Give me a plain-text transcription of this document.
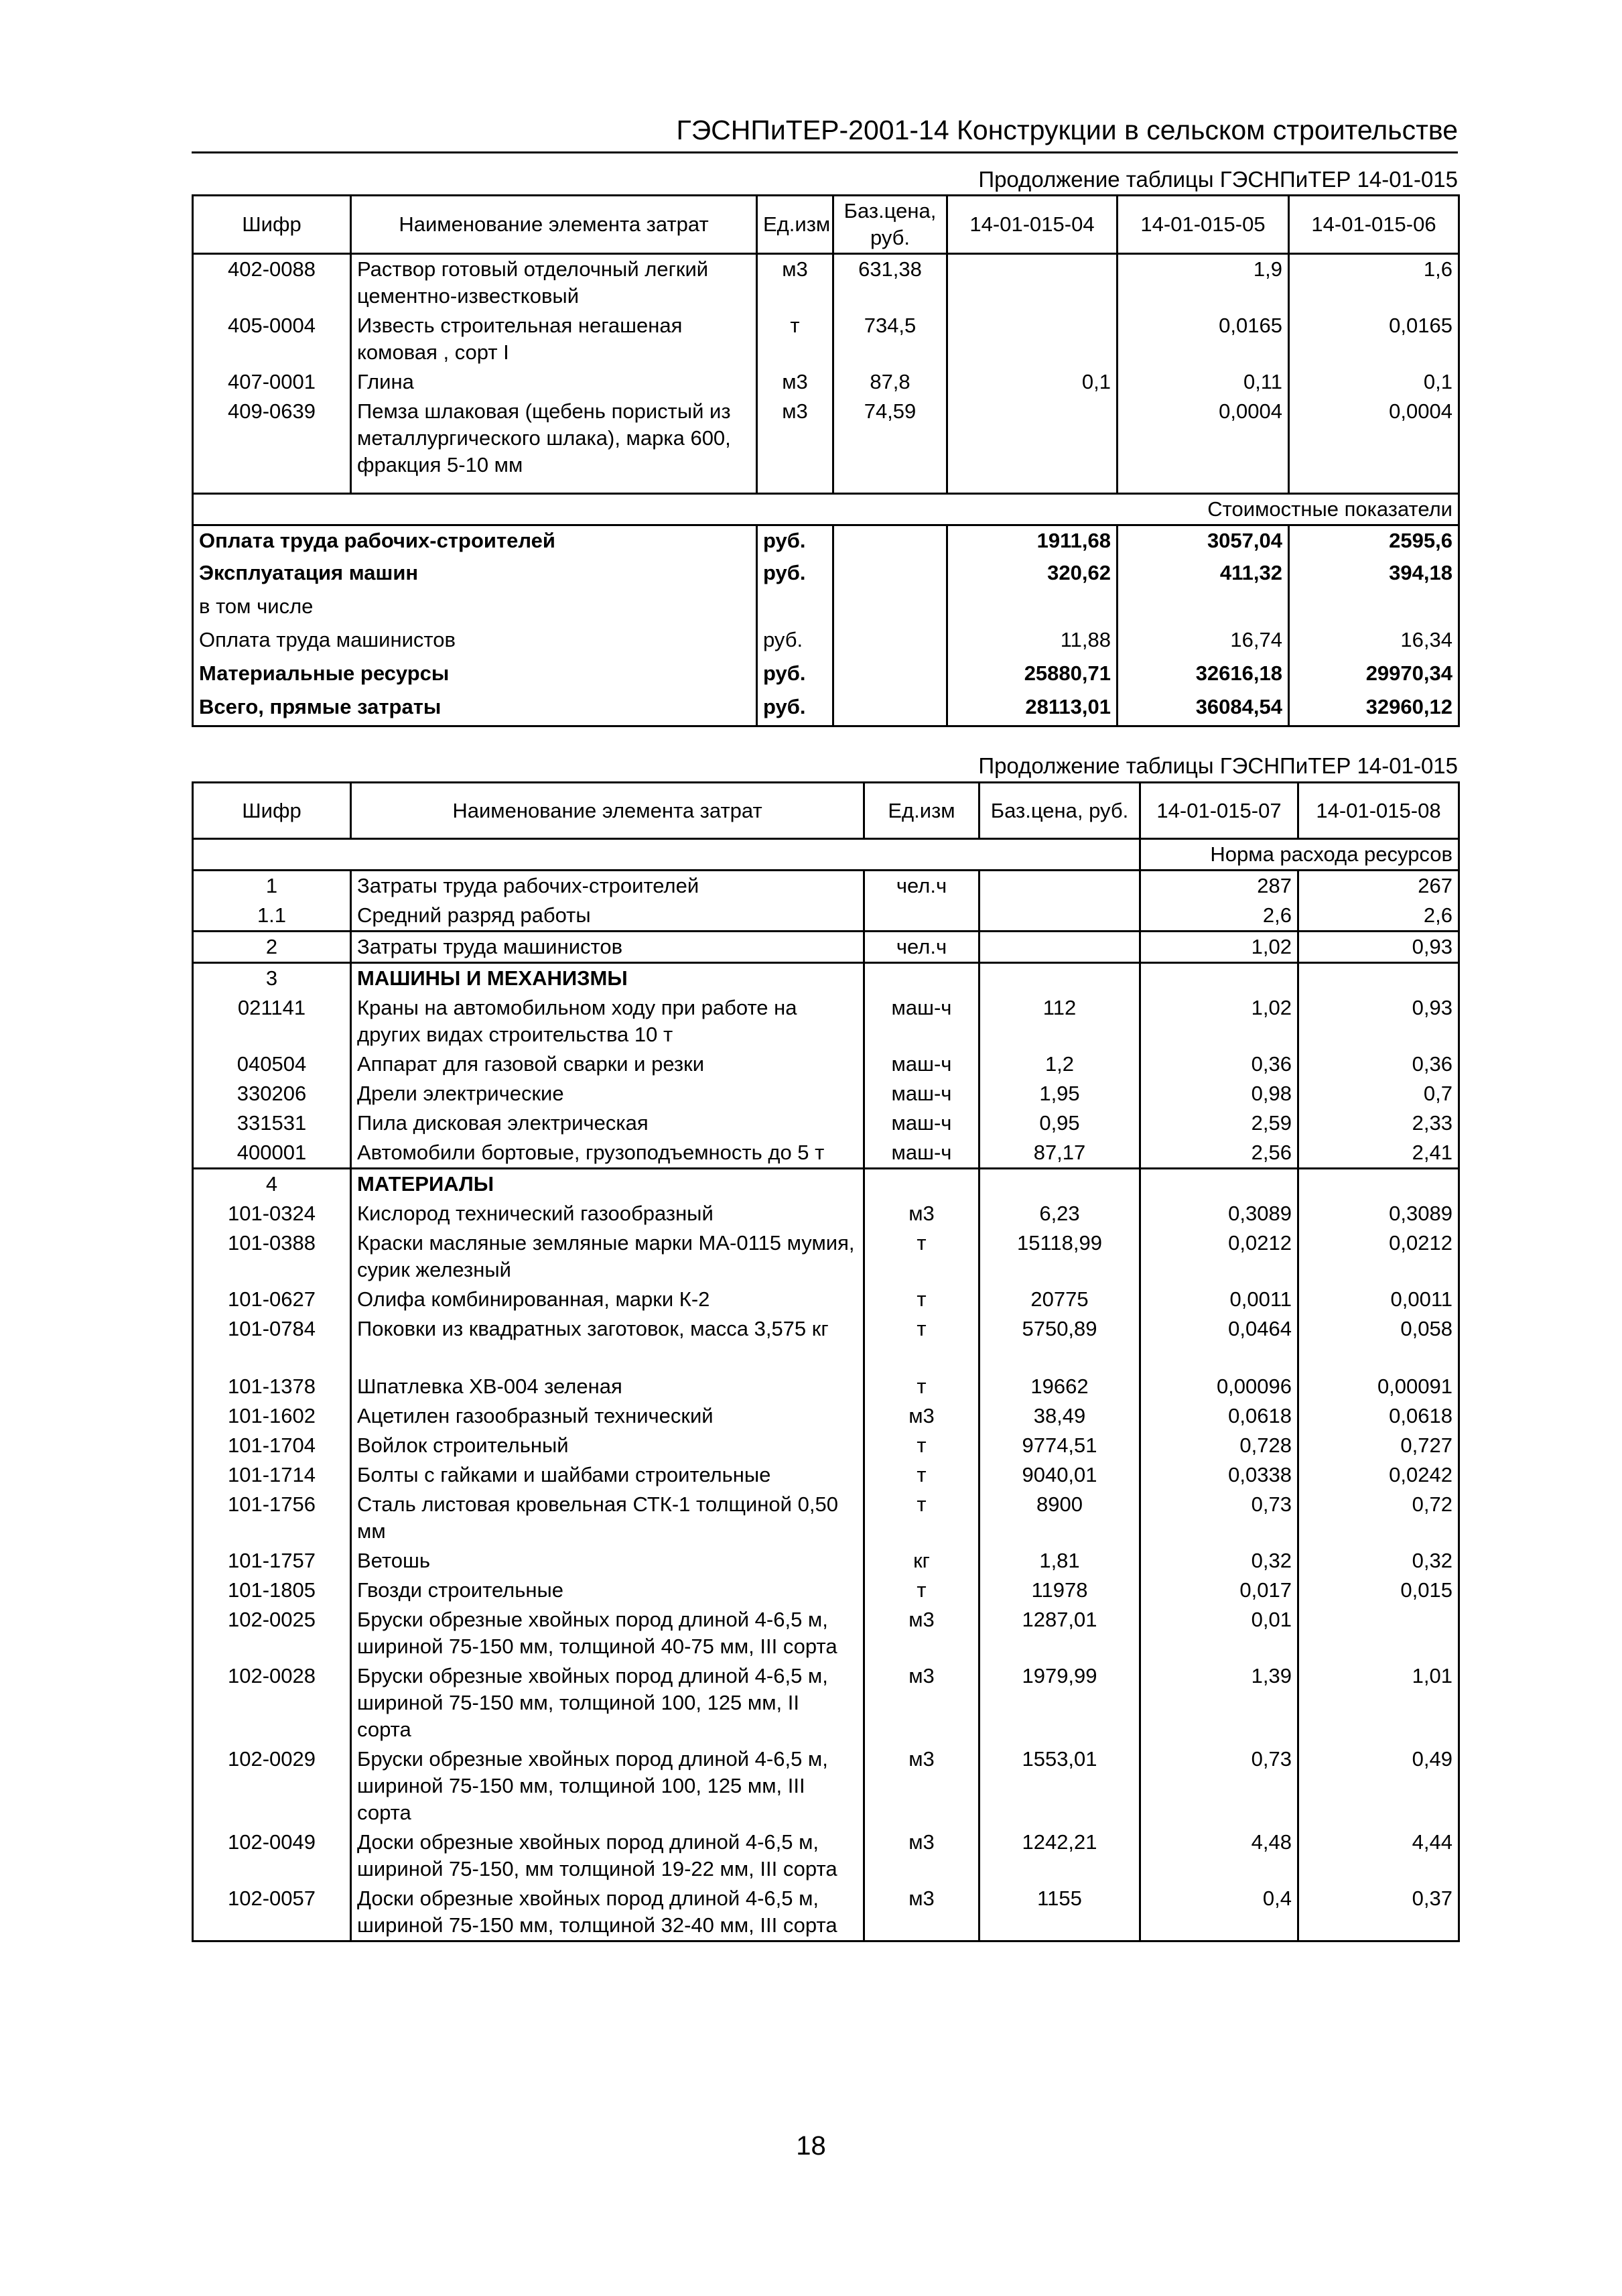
ГЭСНПиТЕР-2001-14 Конструкции в сельском строительстве
Продолжение таблицы ГЭСНПиТЕР 14-01-015
Шифр	Наименование элемента затрат	Ед.изм	Баз.цена, руб.	14-01-015-04	14-01-015-05	14-01-015-06
402-0088	Раствор готовый отделочный легкий цементно-известковый	м3	631,38		1,9	1,6
405-0004	Известь строительная негашеная комовая , сорт I	т	734,5		0,0165	0,0165
407-0001	Глина	м3	87,8	0,1	0,11	0,1
409-0639	Пемза шлаковая (щебень пористый из металлургического шлака), марка 600, фракция 5-10 мм	м3	74,59		0,0004	0,0004

Стоимостные показатели						
Оплата труда рабочих-строителей		руб.		1911,68	3057,04	2595,6
Эксплуатация машин		руб.		320,62	411,32	394,18
в том числе						
Оплата труда машинистов		руб.		11,88	16,74	16,34
Материальные ресурсы		руб.		25880,71	32616,18	29970,34
Всего, прямые затраты		руб.		28113,01	36084,54	32960,12
Продолжение таблицы ГЭСНПиТЕР 14-01-015
Шифр	Наименование элемента затрат	Ед.изм	Баз.цена, руб.	14-01-015-07	14-01-015-08
				Норма расхода ресурсов	
1	Затраты труда рабочих-строителей	чел.ч		287	267
1.1	Средний разряд работы			2,6	2,6
2	Затраты труда машинистов	чел.ч		1,02	0,93
3	МАШИНЫ И МЕХАНИЗМЫ				
021141	Краны на автомобильном ходу при работе на других видах строительства 10 т	маш-ч	112	1,02	0,93
040504	Аппарат для газовой сварки и резки	маш-ч	1,2	0,36	0,36
330206	Дрели электрические	маш-ч	1,95	0,98	0,7
331531	Пила дисковая электрическая	маш-ч	0,95	2,59	2,33
400001	Автомобили бортовые, грузоподъемность до 5 т	маш-ч	87,17	2,56	2,41
4	МАТЕРИАЛЫ				
101-0324	Кислород технический газообразный	м3	6,23	0,3089	0,3089
101-0388	Краски масляные земляные марки МА-0115 мумия, сурик железный	т	15118,99	0,0212	0,0212
101-0627	Олифа комбинированная, марки К-2	т	20775	0,0011	0,0011
101-0784	Поковки из квадратных заготовок, масса 3,575 кг	т	5750,89	0,0464	0,058
101-1378	Шпатлевка ХВ-004 зеленая	т	19662	0,00096	0,00091
101-1602	Ацетилен газообразный технический	м3	38,49	0,0618	0,0618
101-1704	Войлок строительный	т	9774,51	0,728	0,727
101-1714	Болты с гайками и шайбами строительные	т	9040,01	0,0338	0,0242
101-1756	Сталь листовая кровельная СТК-1 толщиной 0,50 мм	т	8900	0,73	0,72
101-1757	Ветошь	кг	1,81	0,32	0,32
101-1805	Гвозди строительные	т	11978	0,017	0,015
102-0025	Бруски обрезные хвойных пород длиной 4-6,5 м, шириной 75-150 мм, толщиной 40-75 мм, III сорта	м3	1287,01	0,01	
102-0028	Бруски обрезные хвойных пород длиной 4-6,5 м, шириной 75-150 мм, толщиной 100, 125 мм, II сорта	м3	1979,99	1,39	1,01
102-0029	Бруски обрезные хвойных пород длиной 4-6,5 м, шириной 75-150 мм, толщиной 100, 125 мм, III сорта	м3	1553,01	0,73	0,49
102-0049	Доски обрезные хвойных пород длиной 4-6,5 м, шириной 75-150, мм толщиной 19-22 мм, III сорта	м3	1242,21	4,48	4,44
102-0057	Доски обрезные хвойных пород длиной 4-6,5 м, шириной 75-150 мм, толщиной 32-40 мм, III сорта	м3	1155	0,4	0,37
18
